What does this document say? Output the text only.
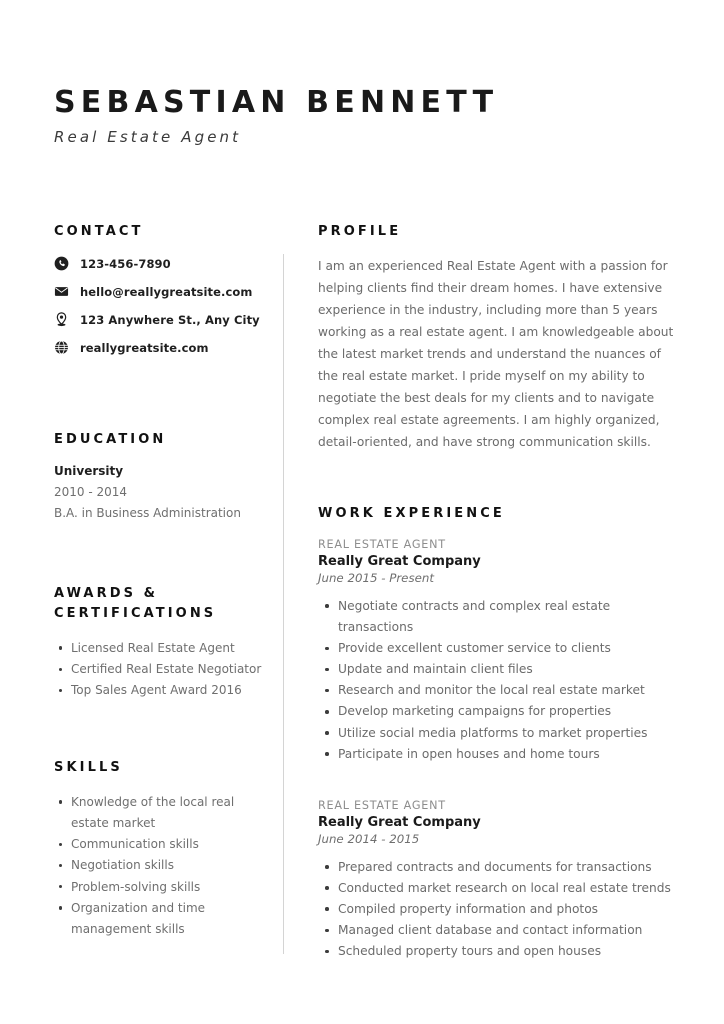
SEBASTIAN BENNETT
Real Estate Agent
CONTACT
123-456-7890
hello@reallygreatsite.com
123 Anywhere St., Any City
reallygreatsite.com
EDUCATION
University
2010 - 2014
B.A. in Business Administration
AWARDS & CERTIFICATIONS
Licensed Real Estate Agent
Certified Real Estate Negotiator
Top Sales Agent Award 2016
SKILLS
Knowledge of the local real estate market
Communication skills
Negotiation skills
Problem-solving skills
Organization and time management skills
PROFILE

I am an experienced Real Estate Agent with a passion for helping clients find their dream homes. I have extensive experience in the industry, including more than 5 years working as a real estate agent. I am knowledgeable about the latest market trends and understand the nuances of the real estate market. I pride myself on my ability to negotiate the best deals for my clients and to navigate complex real estate agreements. I am highly organized, detail-oriented, and have strong communication skills.

WORK EXPERIENCE
REAL ESTATE AGENT
Really Great Company
June 2015 - Present
Negotiate contracts and complex real estate transactions
Provide excellent customer service to clients
Update and maintain client files
Research and monitor the local real estate market
Develop marketing campaigns for properties
Utilize social media platforms to market properties
Participate in open houses and home tours
REAL ESTATE AGENT
Really Great Company
June 2014 - 2015
Prepared contracts and documents for transactions
Conducted market research on local real estate trends
Compiled property information and photos
Managed client database and contact information
Scheduled property tours and open houses
